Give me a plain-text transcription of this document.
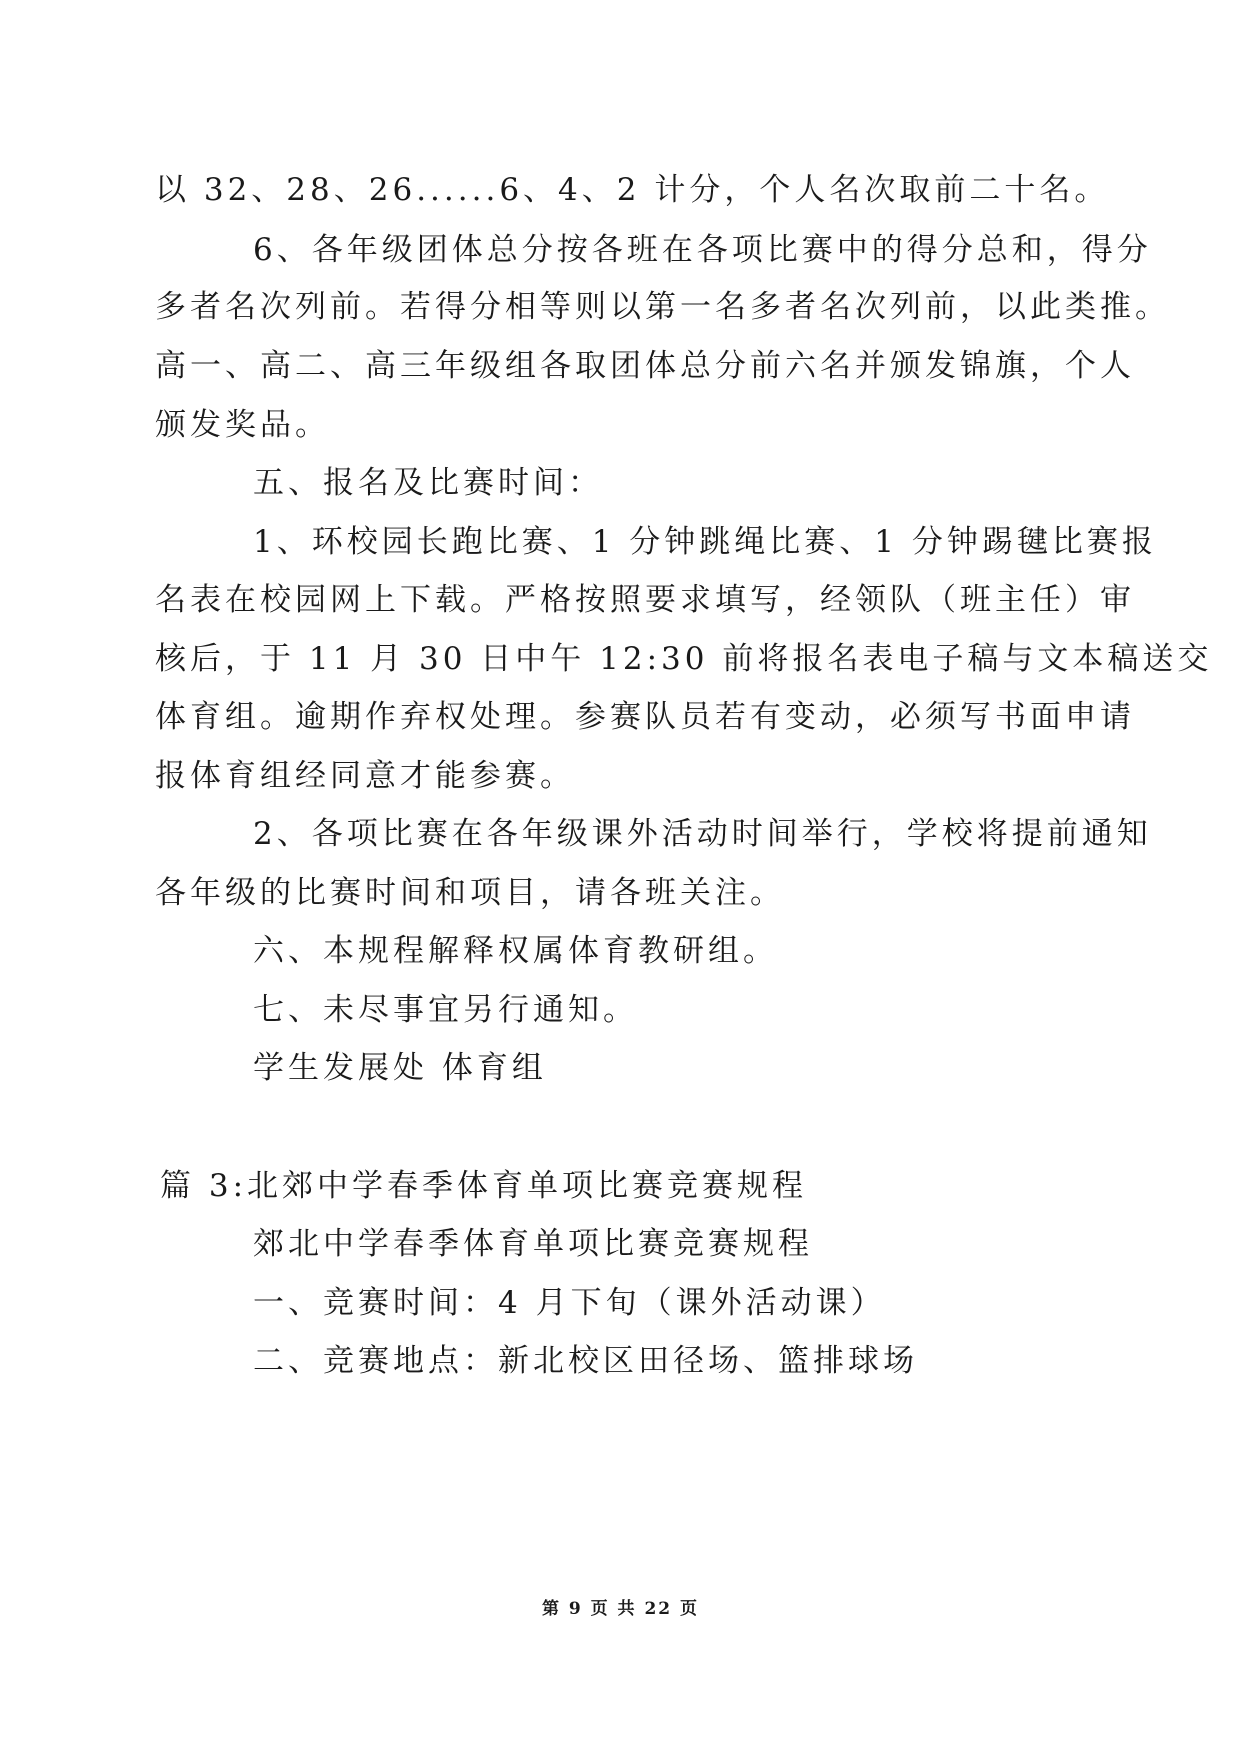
以 32、28、26......6、4、2 计分，个人名次取前二十名。
6、各年级团体总分按各班在各项比赛中的得分总和，得分
多者名次列前。若得分相等则以第一名多者名次列前，以此类推。
高一、高二、高三年级组各取团体总分前六名并颁发锦旗，个人
颁发奖品。
五、报名及比赛时间：
1、环校园长跑比赛、1 分钟跳绳比赛、1 分钟踢毽比赛报
名表在校园网上下载。严格按照要求填写，经领队（班主任）审
核后，于 11 月 30 日中午 12:30 前将报名表电子稿与文本稿送交
体育组。逾期作弃权处理。参赛队员若有变动，必须写书面申请
报体育组经同意才能参赛。
2、各项比赛在各年级课外活动时间举行，学校将提前通知
各年级的比赛时间和项目，请各班关注。
六、本规程解释权属体育教研组。
七、未尽事宜另行通知。
学生发展处 体育组
篇 3:北郊中学春季体育单项比赛竞赛规程
郊北中学春季体育单项比赛竞赛规程
一、竞赛时间：4 月下旬（课外活动课）
二、竞赛地点：新北校区田径场、篮排球场
第 9 页 共 22 页
